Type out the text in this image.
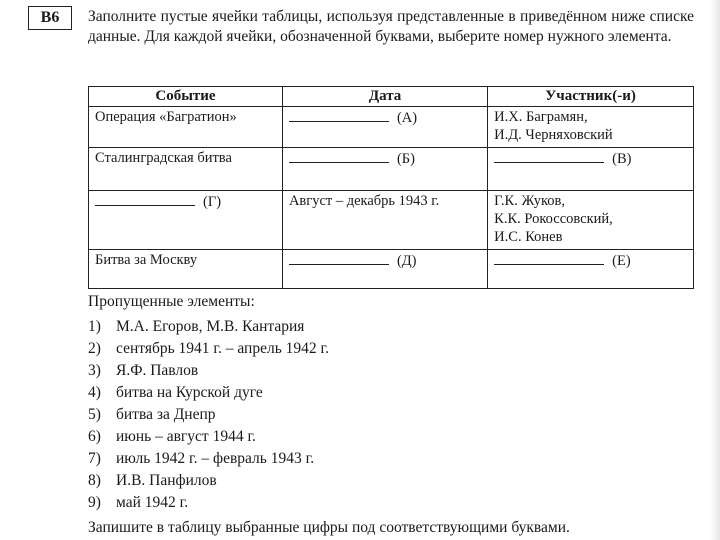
В6	Заполните пустые ячейки таблицы, используя представленные в приведённом ниже списке данные. Для каждой ячейки, обозначенной буквами, выберите номер нужного элемента.

Событие	Дата	Участник(-и)
Операция «Багратион»	(А)	И.Х. Баграмян,
И.Д. Черняховский

Сталинградская битва	(Б)	(В)
(Г)	Август – декабрь 1943 г.	Г.К. Жуков,
К.К. Рокоссовский,
И.С. Конев

Битва за Москву	(Д)	(Е)

Пропущенные элементы:

1) М.А. Егоров, М.В. Кантария
2) сентябрь 1941 г. – апрель 1942 г.
3) Я.Ф. Павлов
4) битва на Курской дуге
5) битва за Днепр
6) июнь – август 1944 г.
7) июль 1942 г. – февраль 1943 г.
8) И.В. Панфилов
9) май 1942 г.

Запишите в таблицу выбранные цифры под соответствующими буквами.
